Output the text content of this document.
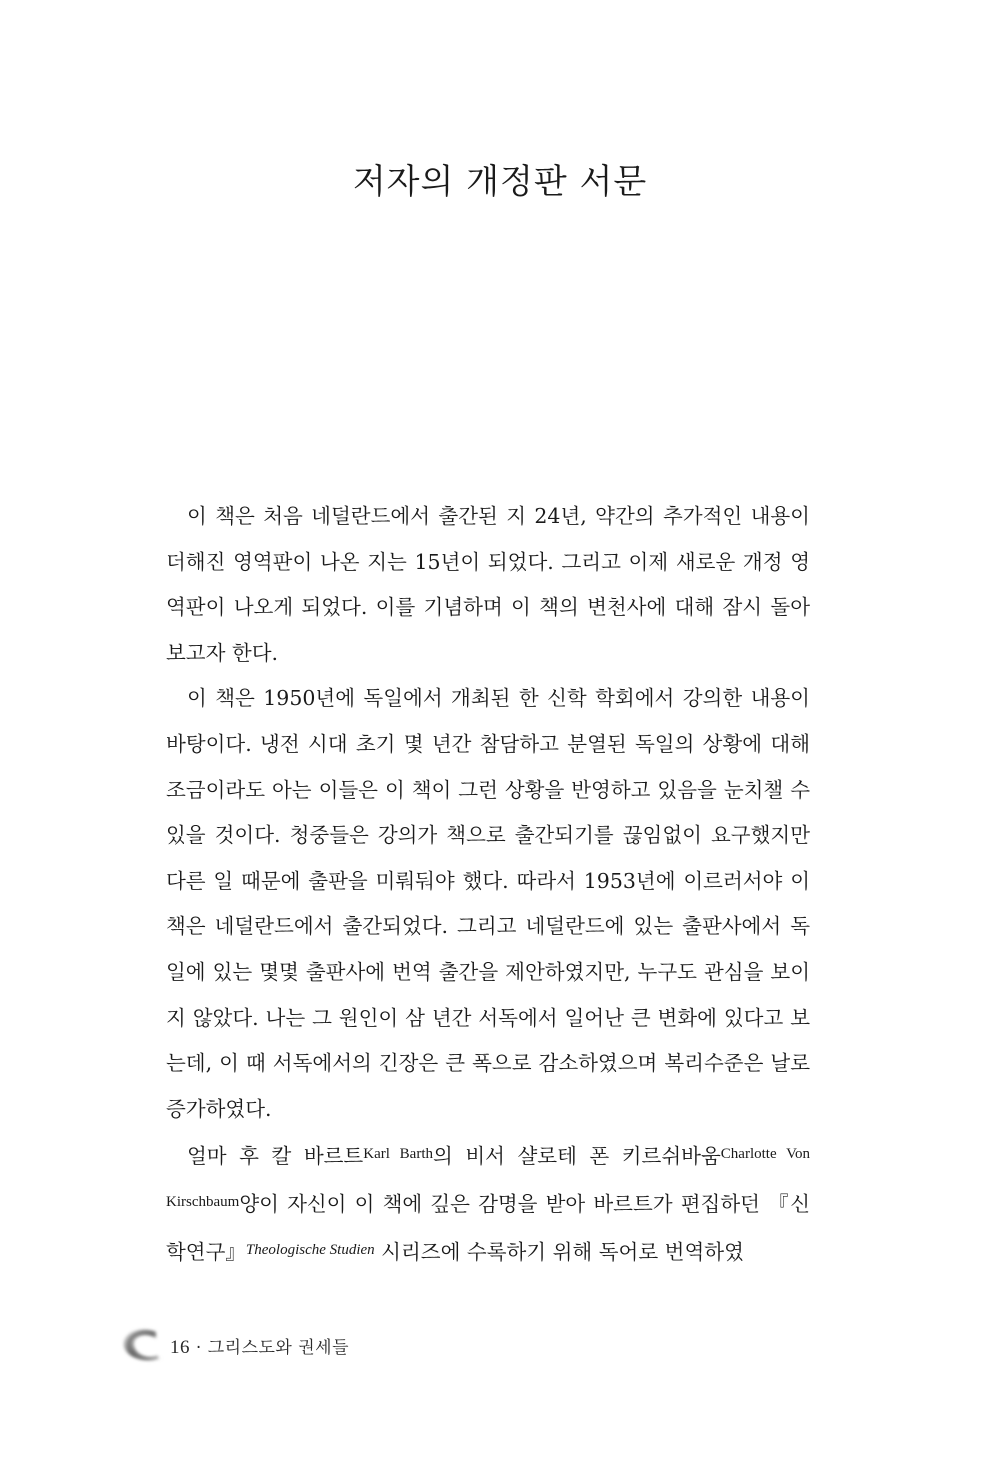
저자의 개정판 서문

이 책은 처음 네덜란드에서 출간된 지 24년, 약간의 추가적인 내용이 더해진 영역판이 나온 지는 15년이 되었다. 그리고 이제 새로운 개정 영역판이 나오게 되었다. 이를 기념하며 이 책의 변천사에 대해 잠시 돌아보고자 한다.

이 책은 1950년에 독일에서 개최된 한 신학 학회에서 강의한 내용이 바탕이다. 냉전 시대 초기 몇 년간 참담하고 분열된 독일의 상황에 대해 조금이라도 아는 이들은 이 책이 그런 상황을 반영하고 있음을 눈치챌 수 있을 것이다. 청중들은 강의가 책으로 출간되기를 끊임없이 요구했지만 다른 일 때문에 출판을 미뤄둬야 했다. 따라서 1953년에 이르러서야 이 책은 네덜란드에서 출간되었다. 그리고 네덜란드에 있는 출판사에서 독일에 있는 몇몇 출판사에 번역 출간을 제안하였지만, 누구도 관심을 보이지 않았다. 나는 그 원인이 삼 년간 서독에서 일어난 큰 변화에 있다고 보는데, 이 때 서독에서의 긴장은 큰 폭으로 감소하였으며 복리수준은 날로 증가하였다.

얼마 후 칼 바르트$^{Karl Barth}$의 비서 샬로테 폰 키르쉬바움$^{Charlotte Von Kirschbaum}$양이 자신이 이 책에 깊은 감명을 받아 바르트가 편집하던 『신학연구』$^{Theologische Studien}$ 시리즈에 수록하기 위해 독어로 번역하였

16 · 그리스도와 권세들
